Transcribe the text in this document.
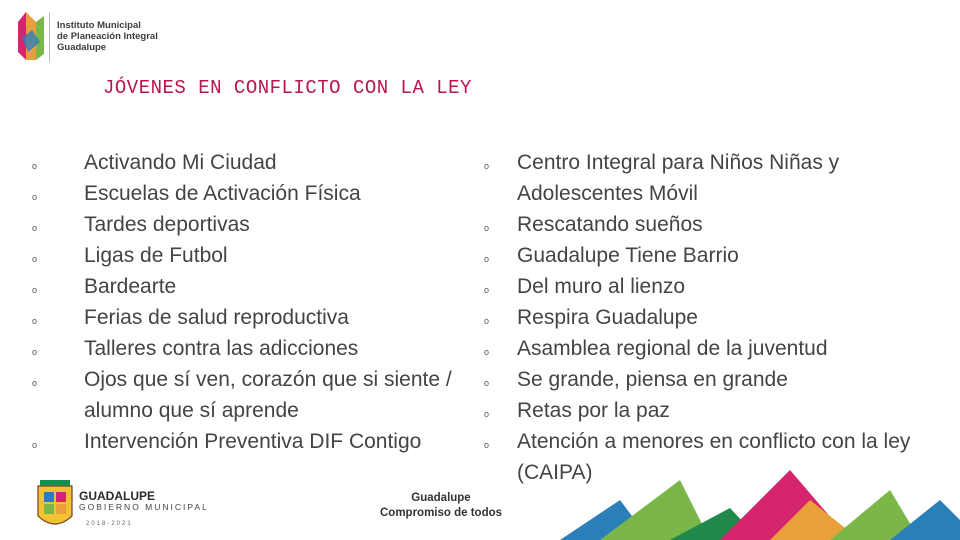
Instituto Municipal
de Planeación Integral
Guadalupe
JÓVENES EN CONFLICTO CON LA LEY
o Activando Mi Ciudad
o Escuelas de Activación Física
o Tardes deportivas
o Ligas de Futbol
o Bardearte
o Ferias de salud reproductiva
o Talleres contra las adicciones
o Ojos que sí ven, corazón que si siente / alumno que sí aprende
o Intervención Preventiva DIF Contigo
o Centro Integral para Niños Niñas y Adolescentes Móvil
o Rescatando sueños
o Guadalupe Tiene Barrio
o Del muro al lienzo
o Respira Guadalupe
o Asamblea regional de la juventud
o Se grande, piensa en grande
o Retas por la paz
o Atención a menores en conflicto con la ley (CAIPA)
GUADALUPE
GOBIERNO MUNICIPAL
2018-2021
Guadalupe
Compromiso de todos
